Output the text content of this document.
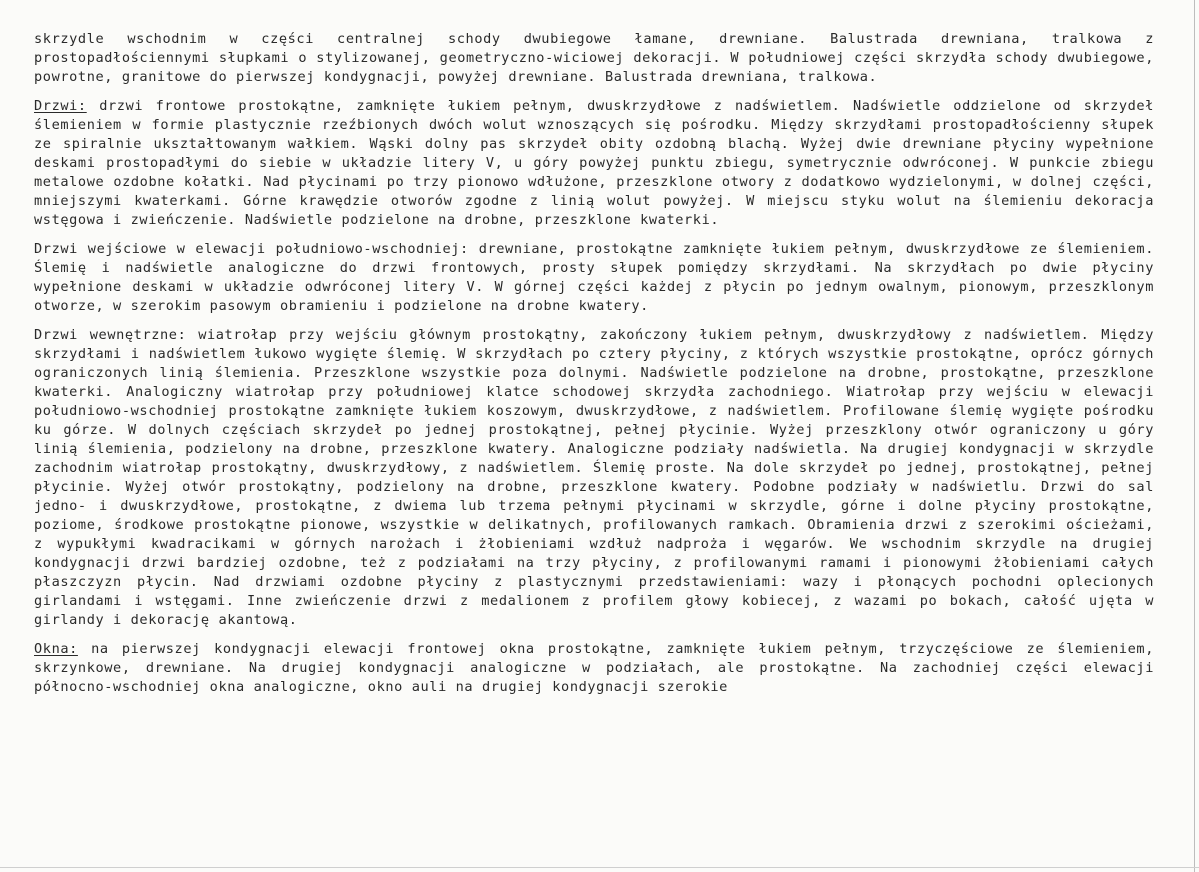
skrzydle wschodnim w części centralnej schody dwubiegowe łamane, drewniane. Balustrada drewniana, tralkowa z prostopadłościennymi słupkami o stylizowanej, geometryczno-wiciowej dekoracji. W południowej części skrzydła schody dwubiegowe, powrotne, granitowe do pierwszej kondygnacji, powyżej drewniane. Balustrada drewniana, tralkowa.

Drzwi: drzwi frontowe prostokątne, zamknięte łukiem pełnym, dwuskrzydłowe z nadświetlem. Nadświetle oddzielone od skrzydeł ślemieniem w formie plastycznie rzeźbionych dwóch wolut wznoszących się pośrodku. Między skrzydłami prostopadłościenny słupek ze spiralnie ukształtowanym wałkiem. Wąski dolny pas skrzydeł obity ozdobną blachą. Wyżej dwie drewniane płyciny wypełnione deskami prostopadłymi do siebie w układzie litery V, u góry powyżej punktu zbiegu, symetrycznie odwróconej. W punkcie zbiegu metalowe ozdobne kołatki. Nad płycinami po trzy pionowo wdłużone, przeszklone otwory z dodatkowo wydzielonymi, w dolnej części, mniejszymi kwaterkami. Górne krawędzie otworów zgodne z linią wolut powyżej. W miejscu styku wolut na ślemieniu dekoracja wstęgowa i zwieńczenie. Nadświetle podzielone na drobne, przeszklone kwaterki.

Drzwi wejściowe w elewacji południowo-wschodniej: drewniane, prostokątne zamknięte łukiem pełnym, dwuskrzydłowe ze ślemieniem. Ślemię i nadświetle analogiczne do drzwi frontowych, prosty słupek pomiędzy skrzydłami. Na skrzydłach po dwie płyciny wypełnione deskami w układzie odwróconej litery V. W górnej części każdej z płycin po jednym owalnym, pionowym, przeszklonym otworze, w szerokim pasowym obramieniu i podzielone na drobne kwatery.

Drzwi wewnętrzne: wiatrołap przy wejściu głównym prostokątny, zakończony łukiem pełnym, dwuskrzydłowy z nadświetlem. Między skrzydłami i nadświetlem łukowo wygięte ślemię. W skrzydłach po cztery płyciny, z których wszystkie prostokątne, oprócz górnych ograniczonych linią ślemienia. Przeszklone wszystkie poza dolnymi. Nadświetle podzielone na drobne, prostokątne, przeszklone kwaterki. Analogiczny wiatrołap przy południowej klatce schodowej skrzydła zachodniego. Wiatrołap przy wejściu w elewacji południowo-wschodniej prostokątne zamknięte łukiem koszowym, dwuskrzydłowe, z nadświetlem. Profilowane ślemię wygięte pośrodku ku górze. W dolnych częściach skrzydeł po jednej prostokątnej, pełnej płycinie. Wyżej przeszklony otwór ograniczony u góry linią ślemienia, podzielony na drobne, przeszklone kwatery. Analogiczne podziały nadświetla. Na drugiej kondygnacji w skrzydle zachodnim wiatrołap prostokątny, dwuskrzydłowy, z nadświetlem. Ślemię proste. Na dole skrzydeł po jednej, prostokątnej, pełnej płycinie. Wyżej otwór prostokątny, podzielony na drobne, przeszklone kwatery. Podobne podziały w nadświetlu. Drzwi do sal jedno- i dwuskrzydłowe, prostokątne, z dwiema lub trzema pełnymi płycinami w skrzydle, górne i dolne płyciny prostokątne, poziome, środkowe prostokątne pionowe, wszystkie w delikatnych, profilowanych ramkach. Obramienia drzwi z szerokimi ościeżami, z wypukłymi kwadracikami w górnych narożach i żłobieniami wzdłuż nadproża i węgarów. We wschodnim skrzydle na drugiej kondygnacji drzwi bardziej ozdobne, też z podziałami na trzy płyciny, z profilowanymi ramami i pionowymi żłobieniami całych płaszczyzn płycin. Nad drzwiami ozdobne płyciny z plastycznymi przedstawieniami: wazy i płonących pochodni oplecionych girlandami i wstęgami. Inne zwieńczenie drzwi z medalionem z profilem głowy kobiecej, z wazami po bokach, całość ujęta w girlandy i dekorację akantową.

Okna: na pierwszej kondygnacji elewacji frontowej okna prostokątne, zamknięte łukiem pełnym, trzyczęściowe ze ślemieniem, skrzynkowe, drewniane. Na drugiej kondygnacji analogiczne w podziałach, ale prostokątne. Na zachodniej części elewacji północno-wschodniej okna analogiczne, okno auli na drugiej kondygnacji szerokie
